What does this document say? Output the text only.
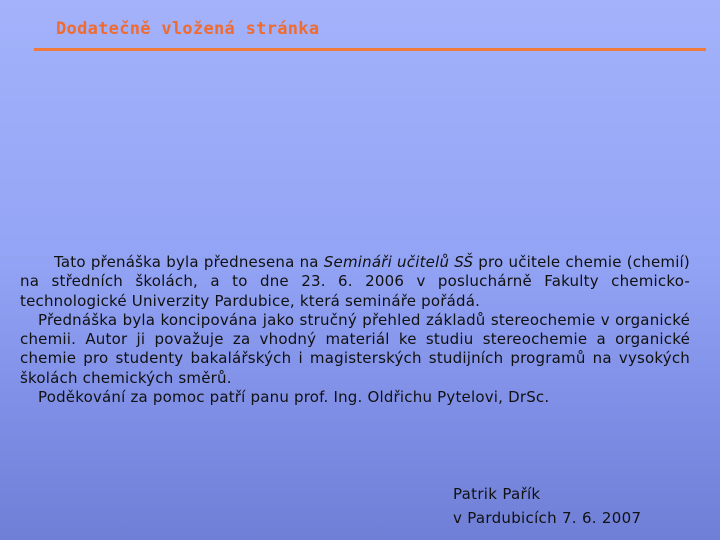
Dodatečně vložená stránka

Tato přenáška byla přednesena na Semináři učitelů SŠ pro učitele chemie (chemií) na středních školách, a to dne 23. 6. 2006 v posluchárně Fakulty chemicko-technologické Univerzity Pardubice, která semináře pořádá.

Přednáška byla koncipována jako stručný přehled základů stereochemie v organické chemii. Autor ji považuje za vhodný materiál ke studiu stereochemie a organické chemie pro studenty bakalářských i magisterských studijních programů na vysokých školách chemických směrů.

Poděkování za pomoc patří panu prof. Ing. Oldřichu Pytelovi, DrSc.

Patrik Pařík
v Pardubicích 7. 6. 2007
